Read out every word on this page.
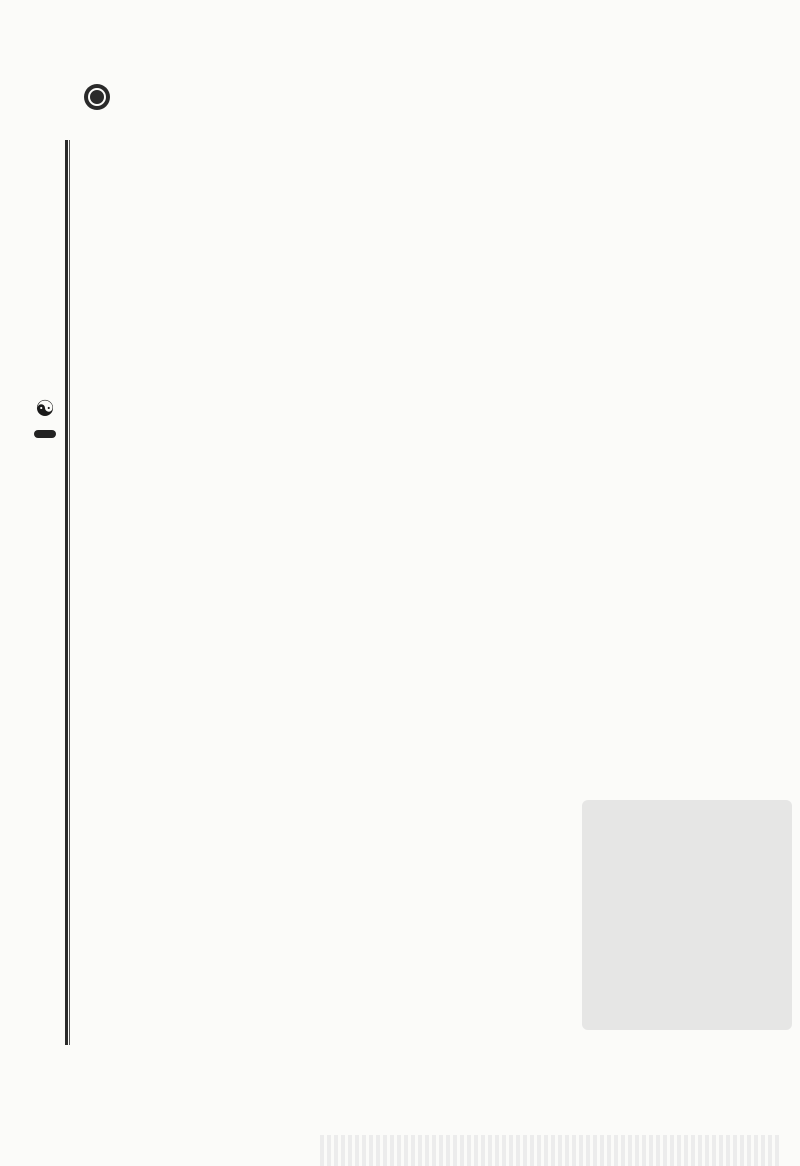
☯
